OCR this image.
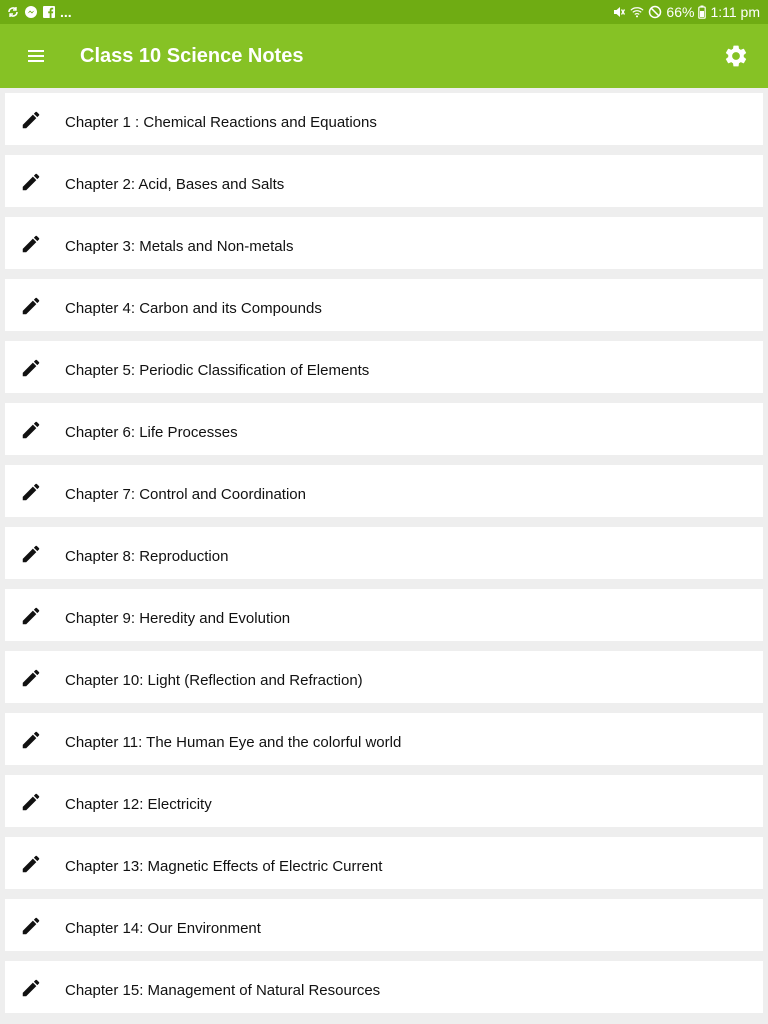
...	66% 1:11 pm
Class 10 Science Notes
Chapter 1 : Chemical Reactions and Equations
Chapter 2: Acid, Bases and Salts
Chapter 3: Metals and Non-metals
Chapter 4: Carbon and its Compounds
Chapter 5: Periodic Classification of Elements
Chapter 6: Life Processes
Chapter 7: Control and Coordination
Chapter 8: Reproduction
Chapter 9: Heredity and Evolution
Chapter 10: Light (Reflection and Refraction)
Chapter 11: The Human Eye and the colorful world
Chapter 12: Electricity
Chapter 13: Magnetic Effects of Electric Current
Chapter 14: Our Environment
Chapter 15: Management of Natural Resources
